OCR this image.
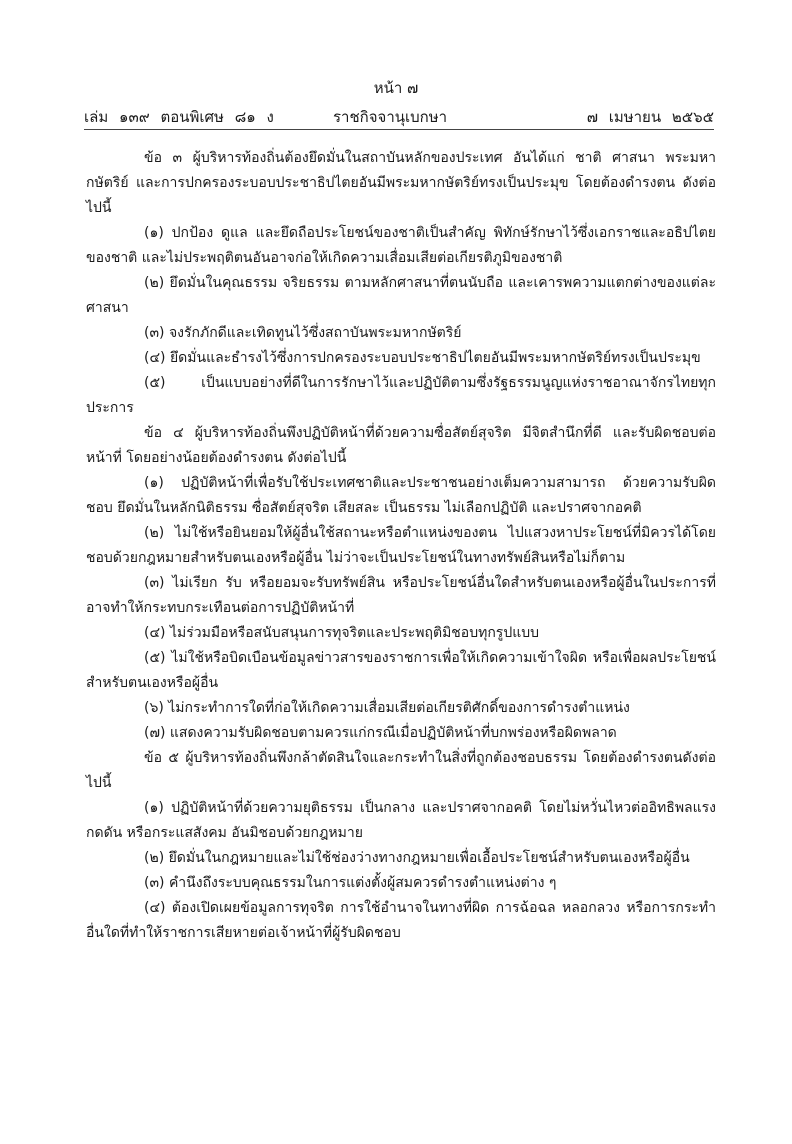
หน้า ๗
เล่ม ๑๓๙ ตอนพิเศษ ๘๑ ง	ราชกิจจานุเบกษา	๗ เมษายน ๒๕๖๕

ข้อ ๓ ผู้บริหารท้องถิ่นต้องยึดมั่นในสถาบันหลักของประเทศ อันได้แก่ ชาติ ศาสนา พระมหากษัตริย์ และการปกครองระบอบประชาธิปไตยอันมีพระมหากษัตริย์ทรงเป็นประมุข โดยต้องดำรงตน ดังต่อไปนี้

(๑) ปกป้อง ดูแล และยึดถือประโยชน์ของชาติเป็นสำคัญ พิทักษ์รักษาไว้ซึ่งเอกราชและอธิปไตยของชาติ และไม่ประพฤติตนอันอาจก่อให้เกิดความเสื่อมเสียต่อเกียรติภูมิของชาติ

(๒) ยึดมั่นในคุณธรรม จริยธรรม ตามหลักศาสนาที่ตนนับถือ และเคารพความแตกต่างของแต่ละศาสนา

(๓) จงรักภักดีและเทิดทูนไว้ซึ่งสถาบันพระมหากษัตริย์

(๔) ยึดมั่นและธำรงไว้ซึ่งการปกครองระบอบประชาธิปไตยอันมีพระมหากษัตริย์ทรงเป็นประมุข

(๕) เป็นแบบอย่างที่ดีในการรักษาไว้และปฏิบัติตามซึ่งรัฐธรรมนูญแห่งราชอาณาจักรไทยทุกประการ

ข้อ ๔ ผู้บริหารท้องถิ่นพึงปฏิบัติหน้าที่ด้วยความซื่อสัตย์สุจริต มีจิตสำนึกที่ดี และรับผิดชอบต่อหน้าที่ โดยอย่างน้อยต้องดำรงตน ดังต่อไปนี้

(๑) ปฏิบัติหน้าที่เพื่อรับใช้ประเทศชาติและประชาชนอย่างเต็มความสามารถ ด้วยความรับผิดชอบ ยึดมั่นในหลักนิติธรรม ซื่อสัตย์สุจริต เสียสละ เป็นธรรม ไม่เลือกปฏิบัติ และปราศจากอคติ

(๒) ไม่ใช้หรือยินยอมให้ผู้อื่นใช้สถานะหรือตำแหน่งของตน ไปแสวงหาประโยชน์ที่มิควรได้โดยชอบด้วยกฎหมายสำหรับตนเองหรือผู้อื่น ไม่ว่าจะเป็นประโยชน์ในทางทรัพย์สินหรือไม่ก็ตาม

(๓) ไม่เรียก รับ หรือยอมจะรับทรัพย์สิน หรือประโยชน์อื่นใดสำหรับตนเองหรือผู้อื่นในประการที่อาจทำให้กระทบกระเทือนต่อการปฏิบัติหน้าที่

(๔) ไม่ร่วมมือหรือสนับสนุนการทุจริตและประพฤติมิชอบทุกรูปแบบ

(๕) ไม่ใช้หรือบิดเบือนข้อมูลข่าวสารของราชการเพื่อให้เกิดความเข้าใจผิด หรือเพื่อผลประโยชน์สำหรับตนเองหรือผู้อื่น

(๖) ไม่กระทำการใดที่ก่อให้เกิดความเสื่อมเสียต่อเกียรติศักดิ์ของการดำรงตำแหน่ง

(๗) แสดงความรับผิดชอบตามควรแก่กรณีเมื่อปฏิบัติหน้าที่บกพร่องหรือผิดพลาด

ข้อ ๕ ผู้บริหารท้องถิ่นพึงกล้าตัดสินใจและกระทำในสิ่งที่ถูกต้องชอบธรรม โดยต้องดำรงตนดังต่อไปนี้

(๑) ปฏิบัติหน้าที่ด้วยความยุติธรรม เป็นกลาง และปราศจากอคติ โดยไม่หวั่นไหวต่ออิทธิพลแรงกดดัน หรือกระแสสังคม อันมิชอบด้วยกฎหมาย

(๒) ยึดมั่นในกฎหมายและไม่ใช้ช่องว่างทางกฎหมายเพื่อเอื้อประโยชน์สำหรับตนเองหรือผู้อื่น

(๓) คำนึงถึงระบบคุณธรรมในการแต่งตั้งผู้สมควรดำรงตำแหน่งต่าง ๆ

(๔) ต้องเปิดเผยข้อมูลการทุจริต การใช้อำนาจในทางที่ผิด การฉ้อฉล หลอกลวง หรือการกระทำอื่นใดที่ทำให้ราชการเสียหายต่อเจ้าหน้าที่ผู้รับผิดชอบ
